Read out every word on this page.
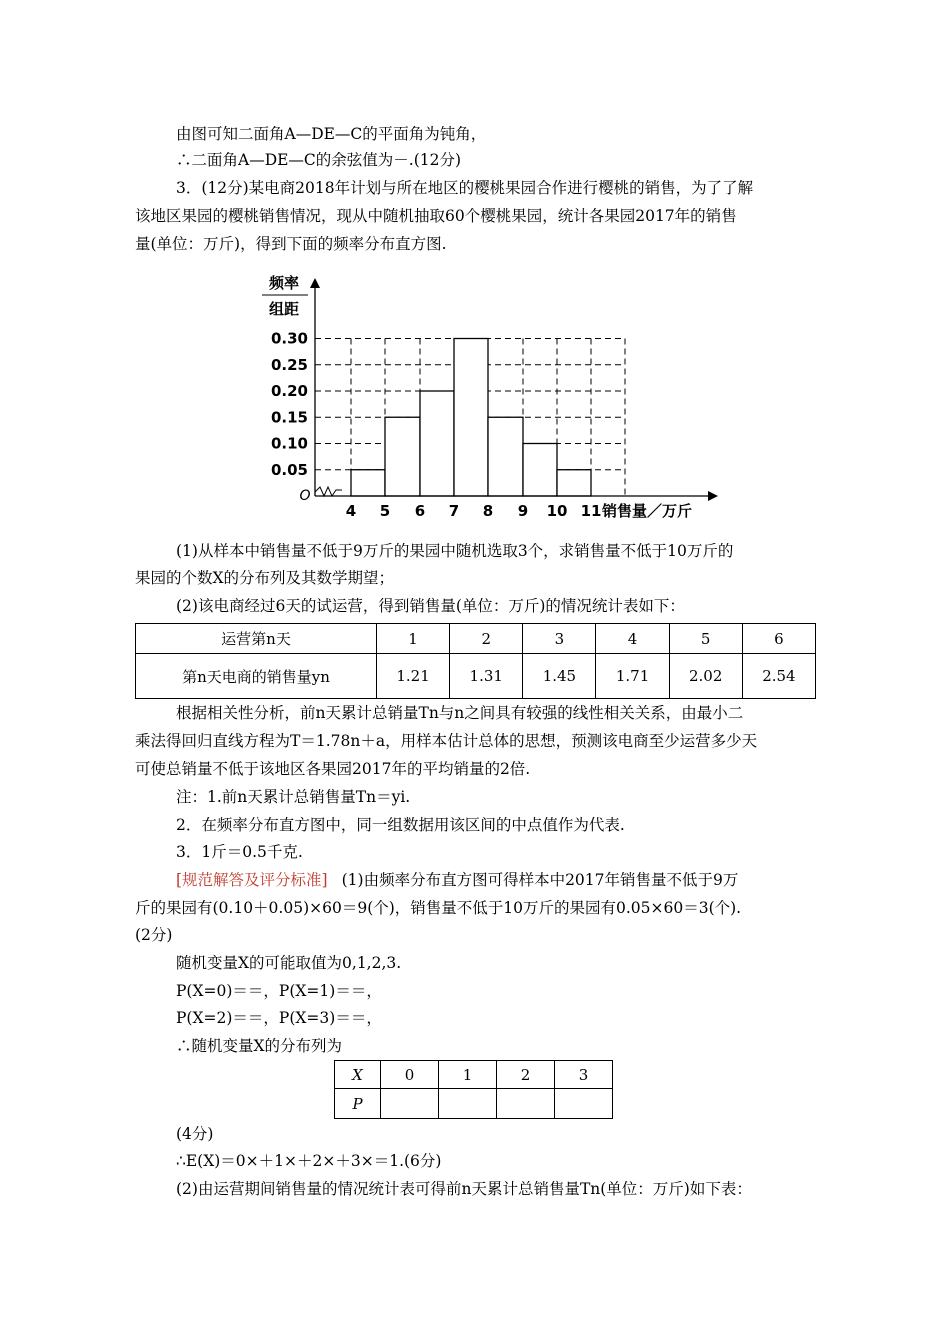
由图可知二面角A—DE—C的平面角为钝角，
∴二面角A—DE—C的余弦值为－.(12分)
3．(12分)某电商2018年计划与所在地区的樱桃果园合作进行樱桃的销售，为了了解
该地区果园的樱桃销售情况，现从中随机抽取60个樱桃果园，统计各果园2017年的销售
量(单位：万斤)，得到下面的频率分布直方图.
频率
组距
O
销售量／万斤
0.05
0.10
0.15
0.20
0.25
0.30
4 5 6 7 8 9 10 11
(1)从样本中销售量不低于9万斤的果园中随机选取3个，求销售量不低于10万斤的
果园的个数X的分布列及其数学期望；
(2)该电商经过6天的试运营，得到销售量(单位：万斤)的情况统计表如下：
运营第n天	1	2	3	4	5	6
第n天电商的销售量yn	1.21	1.31	1.45	1.71	2.02	2.54
根据相关性分析，前n天累计总销量Tn与n之间具有较强的线性相关关系，由最小二
乘法得回归直线方程为T＝1.78n＋a，用样本估计总体的思想，预测该电商至少运营多少天
可使总销量不低于该地区各果园2017年的平均销量的2倍.
注：1.前n天累计总销售量Tn＝yi.
2．在频率分布直方图中，同一组数据用该区间的中点值作为代表.
3．1斤＝0.5千克.
[规范解答及评分标准] (1)由频率分布直方图可得样本中2017年销售量不低于9万
斤的果园有(0.10＋0.05)×60＝9(个)，销售量不低于10万斤的果园有0.05×60＝3(个).
(2分)
随机变量X的可能取值为0,1,2,3.
P(X=0)＝＝，P(X=1)＝＝，
P(X=2)＝＝，P(X=3)＝＝，
∴随机变量X的分布列为
X	0	1	2	3
P				
(4分)
∴E(X)＝0×＋1×＋2×＋3×＝1.(6分)
(2)由运营期间销售量的情况统计表可得前n天累计总销售量Tn(单位：万斤)如下表：
